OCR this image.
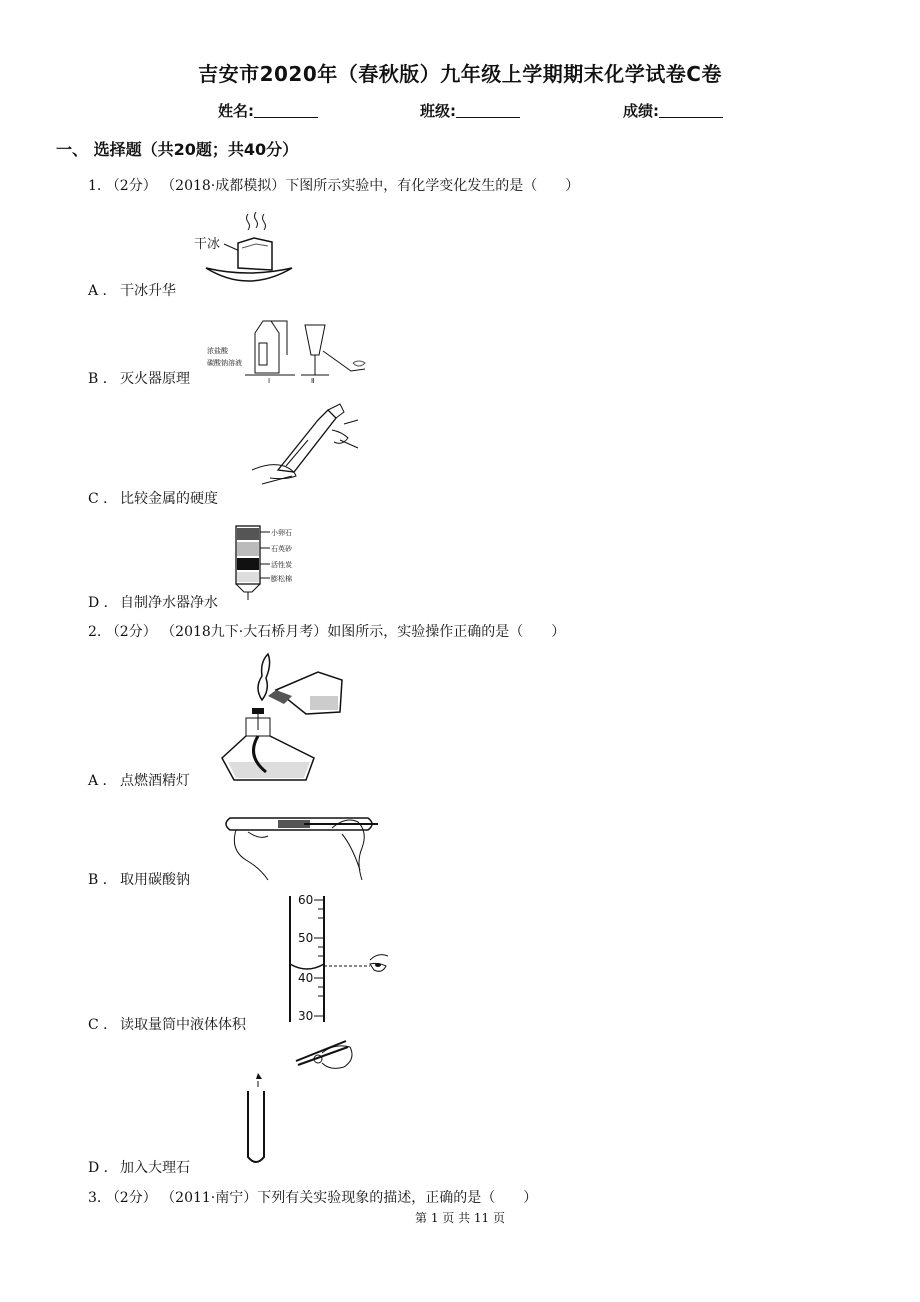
吉安市2020年（春秋版）九年级上学期期末化学试卷C卷
姓名:	班级:	成绩:
一、 选择题（共20题；共40分）
1. （2分） （2018·成都模拟）下图所示实验中，有化学变化发生的是（　　）
干冰
A ． 干冰升华
浓盐酸
碳酸钠溶液
Ⅰ	Ⅱ
B ． 灭火器原理
C ． 比较金属的硬度
小卵石
石英砂
活性炭
膨松棉
D ． 自制净水器净水
2. （2分） （2018九下·大石桥月考）如图所示，实验操作正确的是（　　）
A ． 点燃酒精灯
B ． 取用碳酸钠
60
50
40
30
C ． 读取量筒中液体体积
D ． 加入大理石
3. （2分） （2011·南宁）下列有关实验现象的描述，正确的是（　　）
第 1 页 共 11 页
